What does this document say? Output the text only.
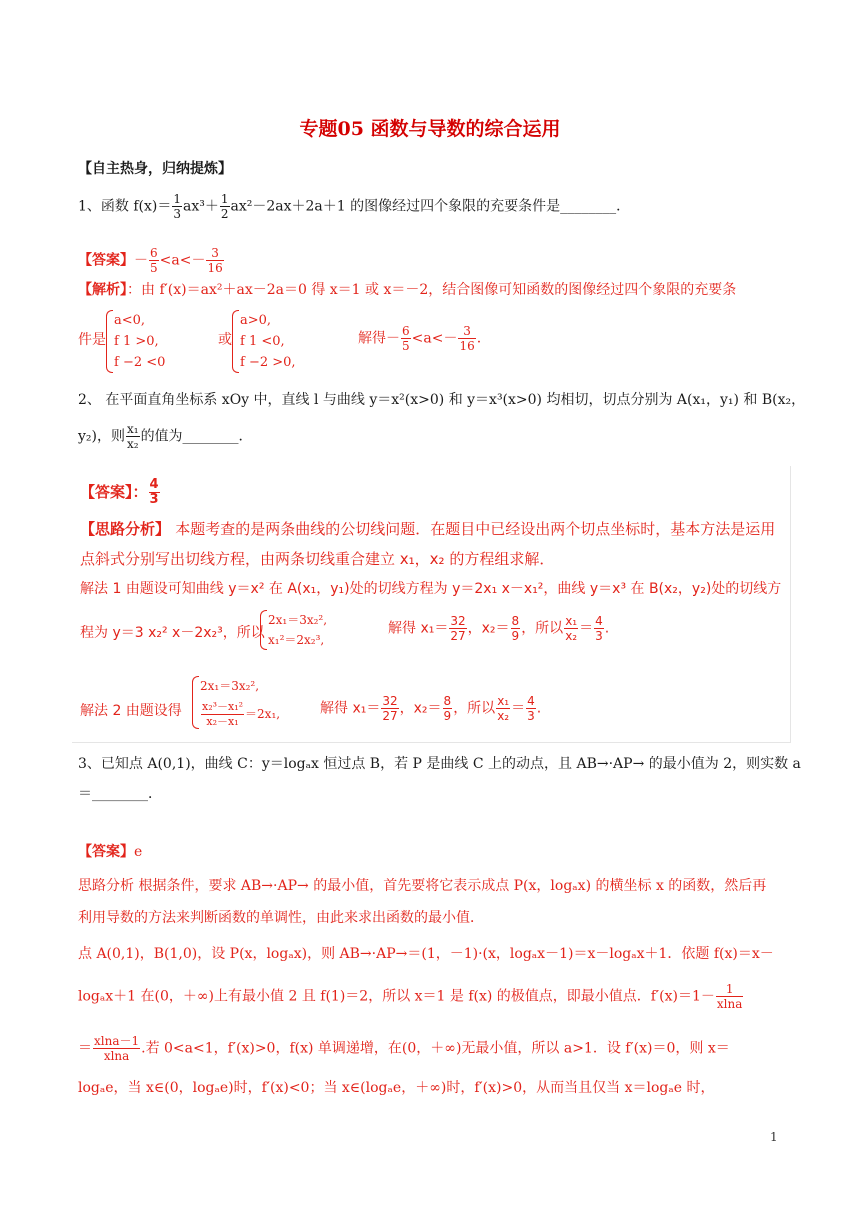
专题05 函数与导数的综合运用
【自主热身，归纳提炼】
1、函数 $f(x)= \frac{1}{3} ax^3+ \frac{1}{2} ax^2-2ax+2a+1$ 的图像经过四个象限的充要条件是________．
【答案】－ $\frac{6}{5} <a<- \frac{3}{16}$
【解析】：由 f′(x)＝ax²＋ax－2a＝0 得 x＝1 或 x＝－2，结合图像可知函数的图像经过四个象限的充要条
件是
a<0,
f 1 >0,
f −2 <0
或
a>0,
f 1 <0,
f −2 >0,
解得－ $\frac{6}{5} <a<- \frac{3}{16}$ .
2、 在平面直角坐标系 xOy 中，直线 l 与曲线 y＝x²(x>0) 和 y＝x³(x>0) 均相切，切点分别为 A(x₁，y₁) 和 B(x₂，
y₂)，则 $\frac{\text{x₁}}{\text{x₂}}$ 的值为________．
【答案】： $\frac{4}{3}$
【思路分析】 本题考查的是两条曲线的公切线问题．在题目中已经设出两个切点坐标时，基本方法是运用
点斜式分别写出切线方程，由两条切线重合建立 x₁，x₂ 的方程组求解．
解法 1 由题设可知曲线 y＝x² 在 A(x₁，y₁)处的切线方程为 y＝2x₁ x－x₁²，曲线 y＝x³ 在 B(x₂，y₂)处的切线方
程为 y＝3 x₂² x－2x₂³，所以
2x₁＝3x₂²,
x₁²＝2x₂³,
解得 $x_1= \frac{32}{27}$ ，$x_2= \frac{8}{9}$ ，所以 $\frac{\text{x₁}}{\text{x₂}} = \frac{4}{3}$ .
解法 2 由题设得
2x₁＝3x₂²,
$\frac{\text{x₂³－x₁²}}{\text{x₂－x₁}} =2x_1$,	解得 $x_1= \frac{32}{27}$ ，$x_2= \frac{8}{9}$ ，所以 $\frac{\text{x₁}}{\text{x₂}} = \frac{4}{3}$ .
3、已知点 A(0,1)，曲线 C：y＝logₐx 恒过点 B，若 P 是曲线 C 上的动点，且 AB→·AP→ 的最小值为 2，则实数 a
＝________．
【答案】e
思路分析 根据条件，要求 AB→·AP→ 的最小值，首先要将它表示成点 P(x，logₐx) 的横坐标 x 的函数，然后再
利用导数的方法来判断函数的单调性，由此来求出函数的最小值．
点 A(0,1)，B(1,0)，设 P(x，logₐx)，则 AB→·AP→＝(1，－1)·(x，logₐx－1)＝x－logₐx＋1．依题 f(x)＝x－
logₐx＋1 在(0，＋∞)上有最小值 2 且 f(1)＝2，所以 x＝1 是 f(x) 的极值点，即最小值点．$f'(x)=1- \frac{1}{xlna}$
＝ $\frac{xlna-1}{xlna}$ .若 0<a<1，f′(x)>0，f(x) 单调递增，在(0，＋∞)无最小值，所以 a>1．设 f′(x)＝0，则 x＝
logₐe，当 x∈(0，logₐe)时，f′(x)<0；当 x∈(logₐe，＋∞)时，f′(x)>0，从而当且仅当 x＝logₐe 时，
1
